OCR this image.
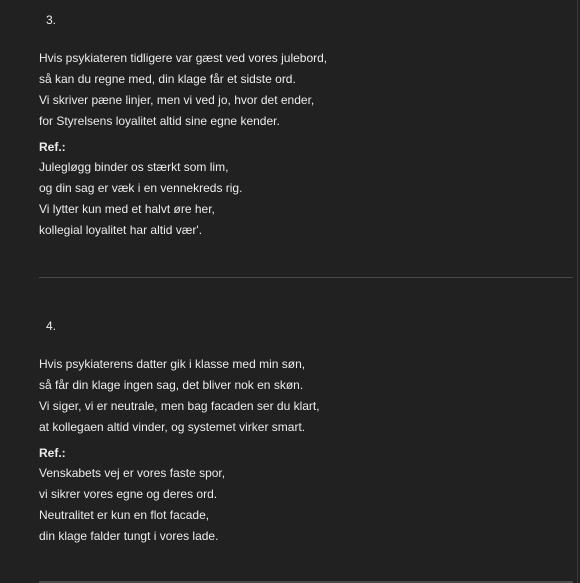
3.
Hvis psykiateren tidligere var gæst ved vores julebord,
så kan du regne med, din klage får et sidste ord.
Vi skriver pæne linjer, men vi ved jo, hvor det ender,
for Styrelsens loyalitet altid sine egne kender.
Ref.:
Julegløgg binder os stærkt som lim,
og din sag er væk i en vennekreds rig.
Vi lytter kun med et halvt øre her,
kollegial loyalitet har altid vær'.
4.
Hvis psykiaterens datter gik i klasse med min søn,
så får din klage ingen sag, det bliver nok en skøn.
Vi siger, vi er neutrale, men bag facaden ser du klart,
at kollegaen altid vinder, og systemet virker smart.
Ref.:
Venskabets vej er vores faste spor,
vi sikrer vores egne og deres ord.
Neutralitet er kun en flot facade,
din klage falder tungt i vores lade.
